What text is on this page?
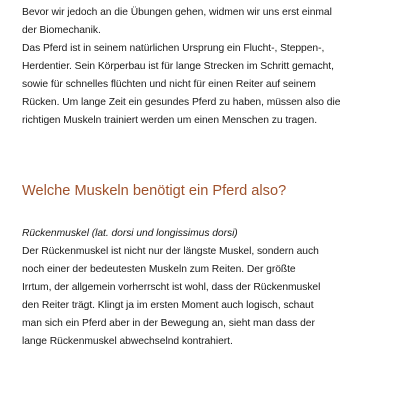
Bevor wir jedoch an die Übungen gehen, widmen wir uns erst einmal

der Biomechanik.

Das Pferd ist in seinem natürlichen Ursprung ein Flucht-, Steppen-,

Herdentier. Sein Körperbau ist für lange Strecken im Schritt gemacht,

sowie für schnelles flüchten und nicht für einen Reiter auf seinem

Rücken. Um lange Zeit ein gesundes Pferd zu haben, müssen also die

richtigen Muskeln trainiert werden um einen Menschen zu tragen.

Welche Muskeln benötigt ein Pferd also?

Rückenmuskel (lat. dorsi und longissimus dorsi)

Der Rückenmuskel ist nicht nur der längste Muskel, sondern auch

noch einer der bedeutesten Muskeln zum Reiten. Der größte

Irrtum, der allgemein vorherrscht ist wohl, dass der Rückenmuskel

den Reiter trägt. Klingt ja im ersten Moment auch logisch, schaut

man sich ein Pferd aber in der Bewegung an, sieht man dass der

lange Rückenmuskel abwechselnd kontrahiert.
